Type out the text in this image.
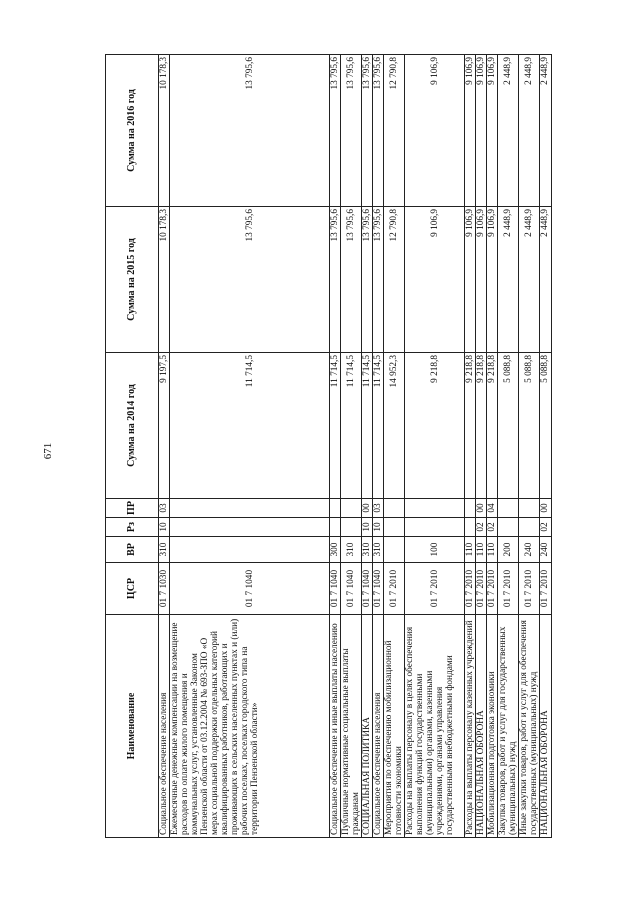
671
Наименование	ЦСР	ВР	Рз	ПР	Сумма на 2014 год	Сумма на 2015 год	Сумма на 2016 год
Социальное обеспечение населения	01 7 1030	310	10	03	9 197,5	10 178,3	10 178,3
Ежемесячные денежные компенсации на возмещение расходов по оплате жилого помещения и коммунальных услуг, установленные Законом Пензенской области от 03.12.2004 № 693-ЗПО «О мерах социальной поддержки отдельных категорий квалифицированных работников, работающих и проживающих в сельских населенных пунктах и (или) рабочих поселках, поселках городского типа на территории Пензенской области»	01 7 1040				11 714,5	13 795,6	13 795,6
Социальное обеспечение и иные выплаты населению	01 7 1040	300			11 714,5	13 795,6	13 795,6
Публичные нормативные социальные выплаты гражданам	01 7 1040	310			11 714,5	13 795,6	13 795,6
СОЦИАЛЬНАЯ ПОЛИТИКА	01 7 1040	310	10	00	11 714,5	13 795,6	13 795,6
Социальное обеспечение населения	01 7 1040	310	10	03	11 714,5	13 795,6	13 795,6
Мероприятия по обеспечению мобилизационной готовности экономики	01 7 2010				14 952,3	12 790,8	12 790,8
Расходы на выплаты персоналу в целях обеспечения выполнения функций государственными (муниципальными) органами, казенными учреждениями, органами управления государственными внебюджетными фондами	01 7 2010	100			9 218,8	9 106,9	9 106,9
Расходы на выплаты персоналу казенных учреждений	01 7 2010	110			9 218,8	9 106,9	9 106,9
НАЦИОНАЛЬНАЯ ОБОРОНА	01 7 2010	110	02	00	9 218,8	9 106,9	9 106,9
Мобилизационная подготовка экономики	01 7 2010	110	02	04	9 218,8	9 106,9	9 106,9
Закупка товаров, работ и услуг для государственных (муниципальных) нужд	01 7 2010	200			5 088,8	2 448,9	2 448,9
Иные закупки товаров, работ и услуг для обеспечения государственных (муниципальных) нужд	01 7 2010	240			5 088,8	2 448,9	2 448,9
НАЦИОНАЛЬНАЯ ОБОРОНА	01 7 2010	240	02	00	5 088,8	2 448,9	2 448,9
